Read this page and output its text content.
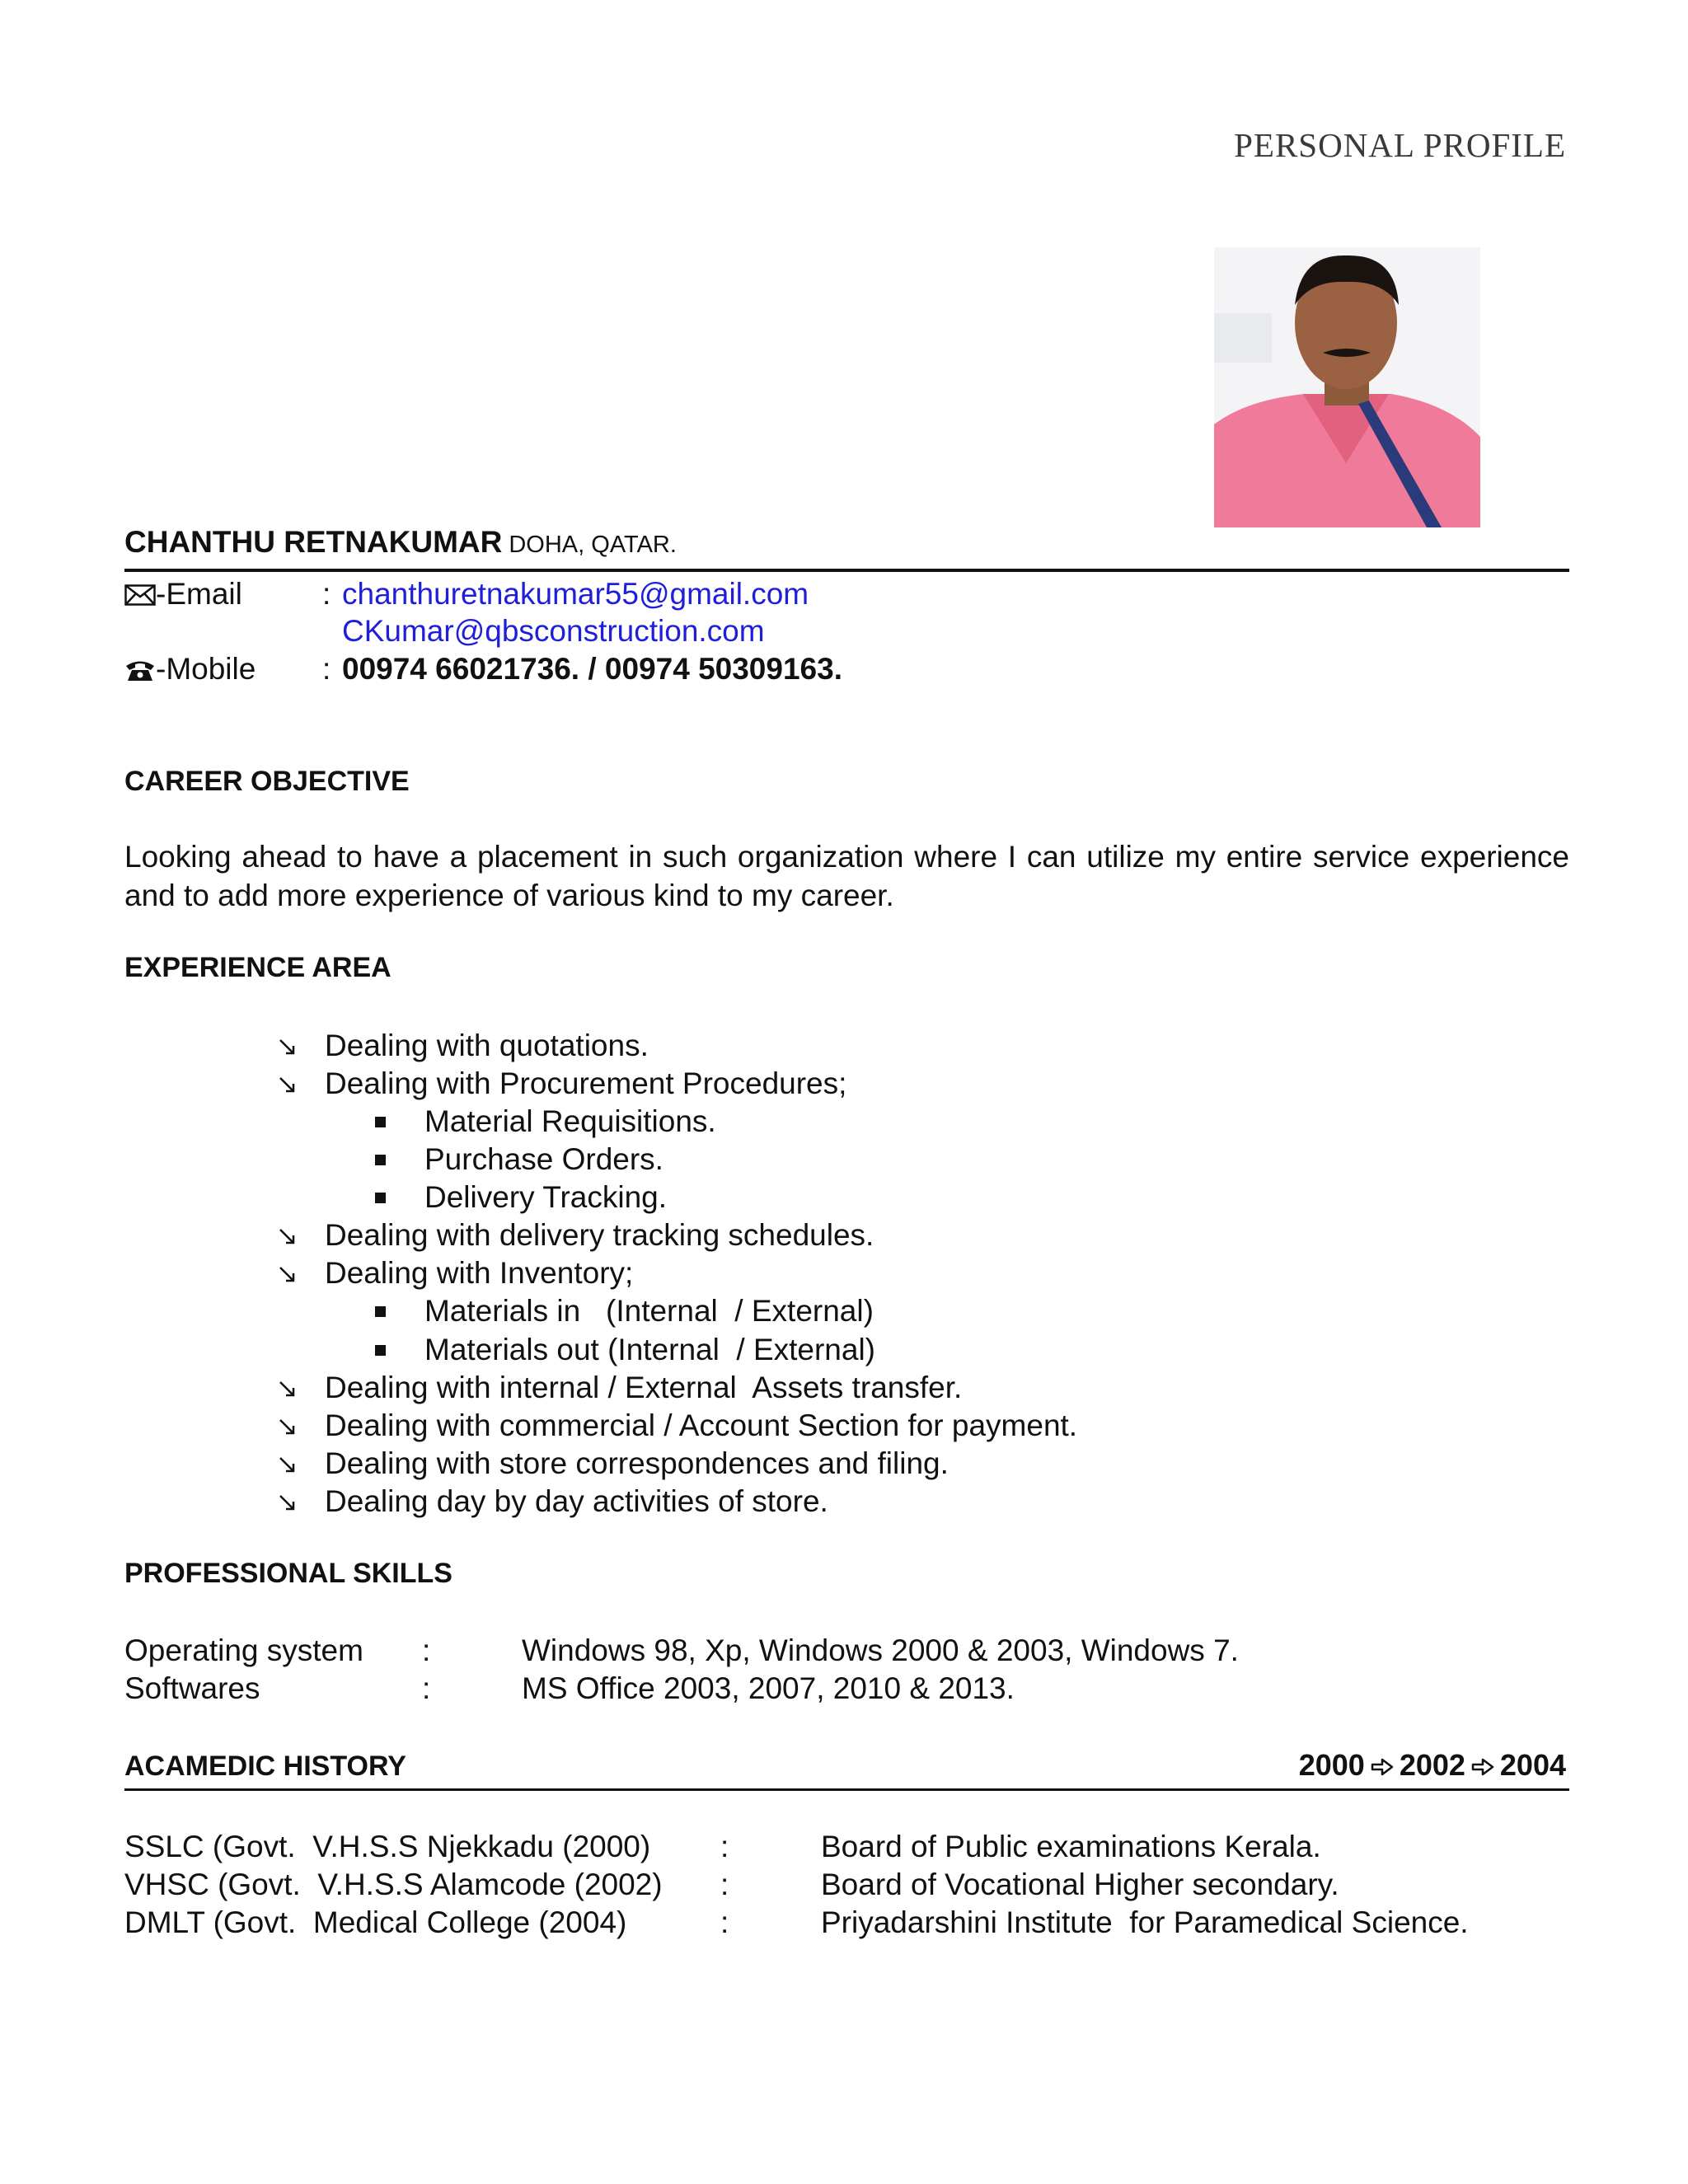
PERSONAL PROFILE
CHANTHU RETNAKUMAR DOHA, QATAR.
-Email	: chanthuretnakumar55@gmail.com
CKumar@qbsconstruction.com
-Mobile : 00974 66021736. / 00974 50309163.
CAREER OBJECTIVE

Looking ahead to have a placement in such organization where I can utilize my entire service experience and to add more experience of various kind to my career.

EXPERIENCE AREA
Dealing with quotations.
Dealing with Procurement Procedures;
Material Requisitions.
Purchase Orders.
Delivery Tracking.
Dealing with delivery tracking schedules.
Dealing with Inventory;
Materials in   (Internal  / External)
Materials out (Internal  / External)
Dealing with internal / External  Assets transfer.
Dealing with commercial / Account Section for payment.
Dealing with store correspondences and filing.
Dealing day by day activities of store.
PROFESSIONAL SKILLS
Operating system :	Windows 98, Xp, Windows 2000 & 2003, Windows 7.
Softwares	:	MS Office 2003, 2007, 2010 & 2013.
ACAMEDIC HISTORY	2000 2002 2004
SSLC (Govt.  V.H.S.S Njekkadu (2000) :	Board of Public examinations Kerala.
VHSC (Govt.  V.H.S.S Alamcode (2002) :	Board of Vocational Higher secondary.
DMLT (Govt.  Medical College (2004)	:	Priyadarshini Institute  for Paramedical Science.
